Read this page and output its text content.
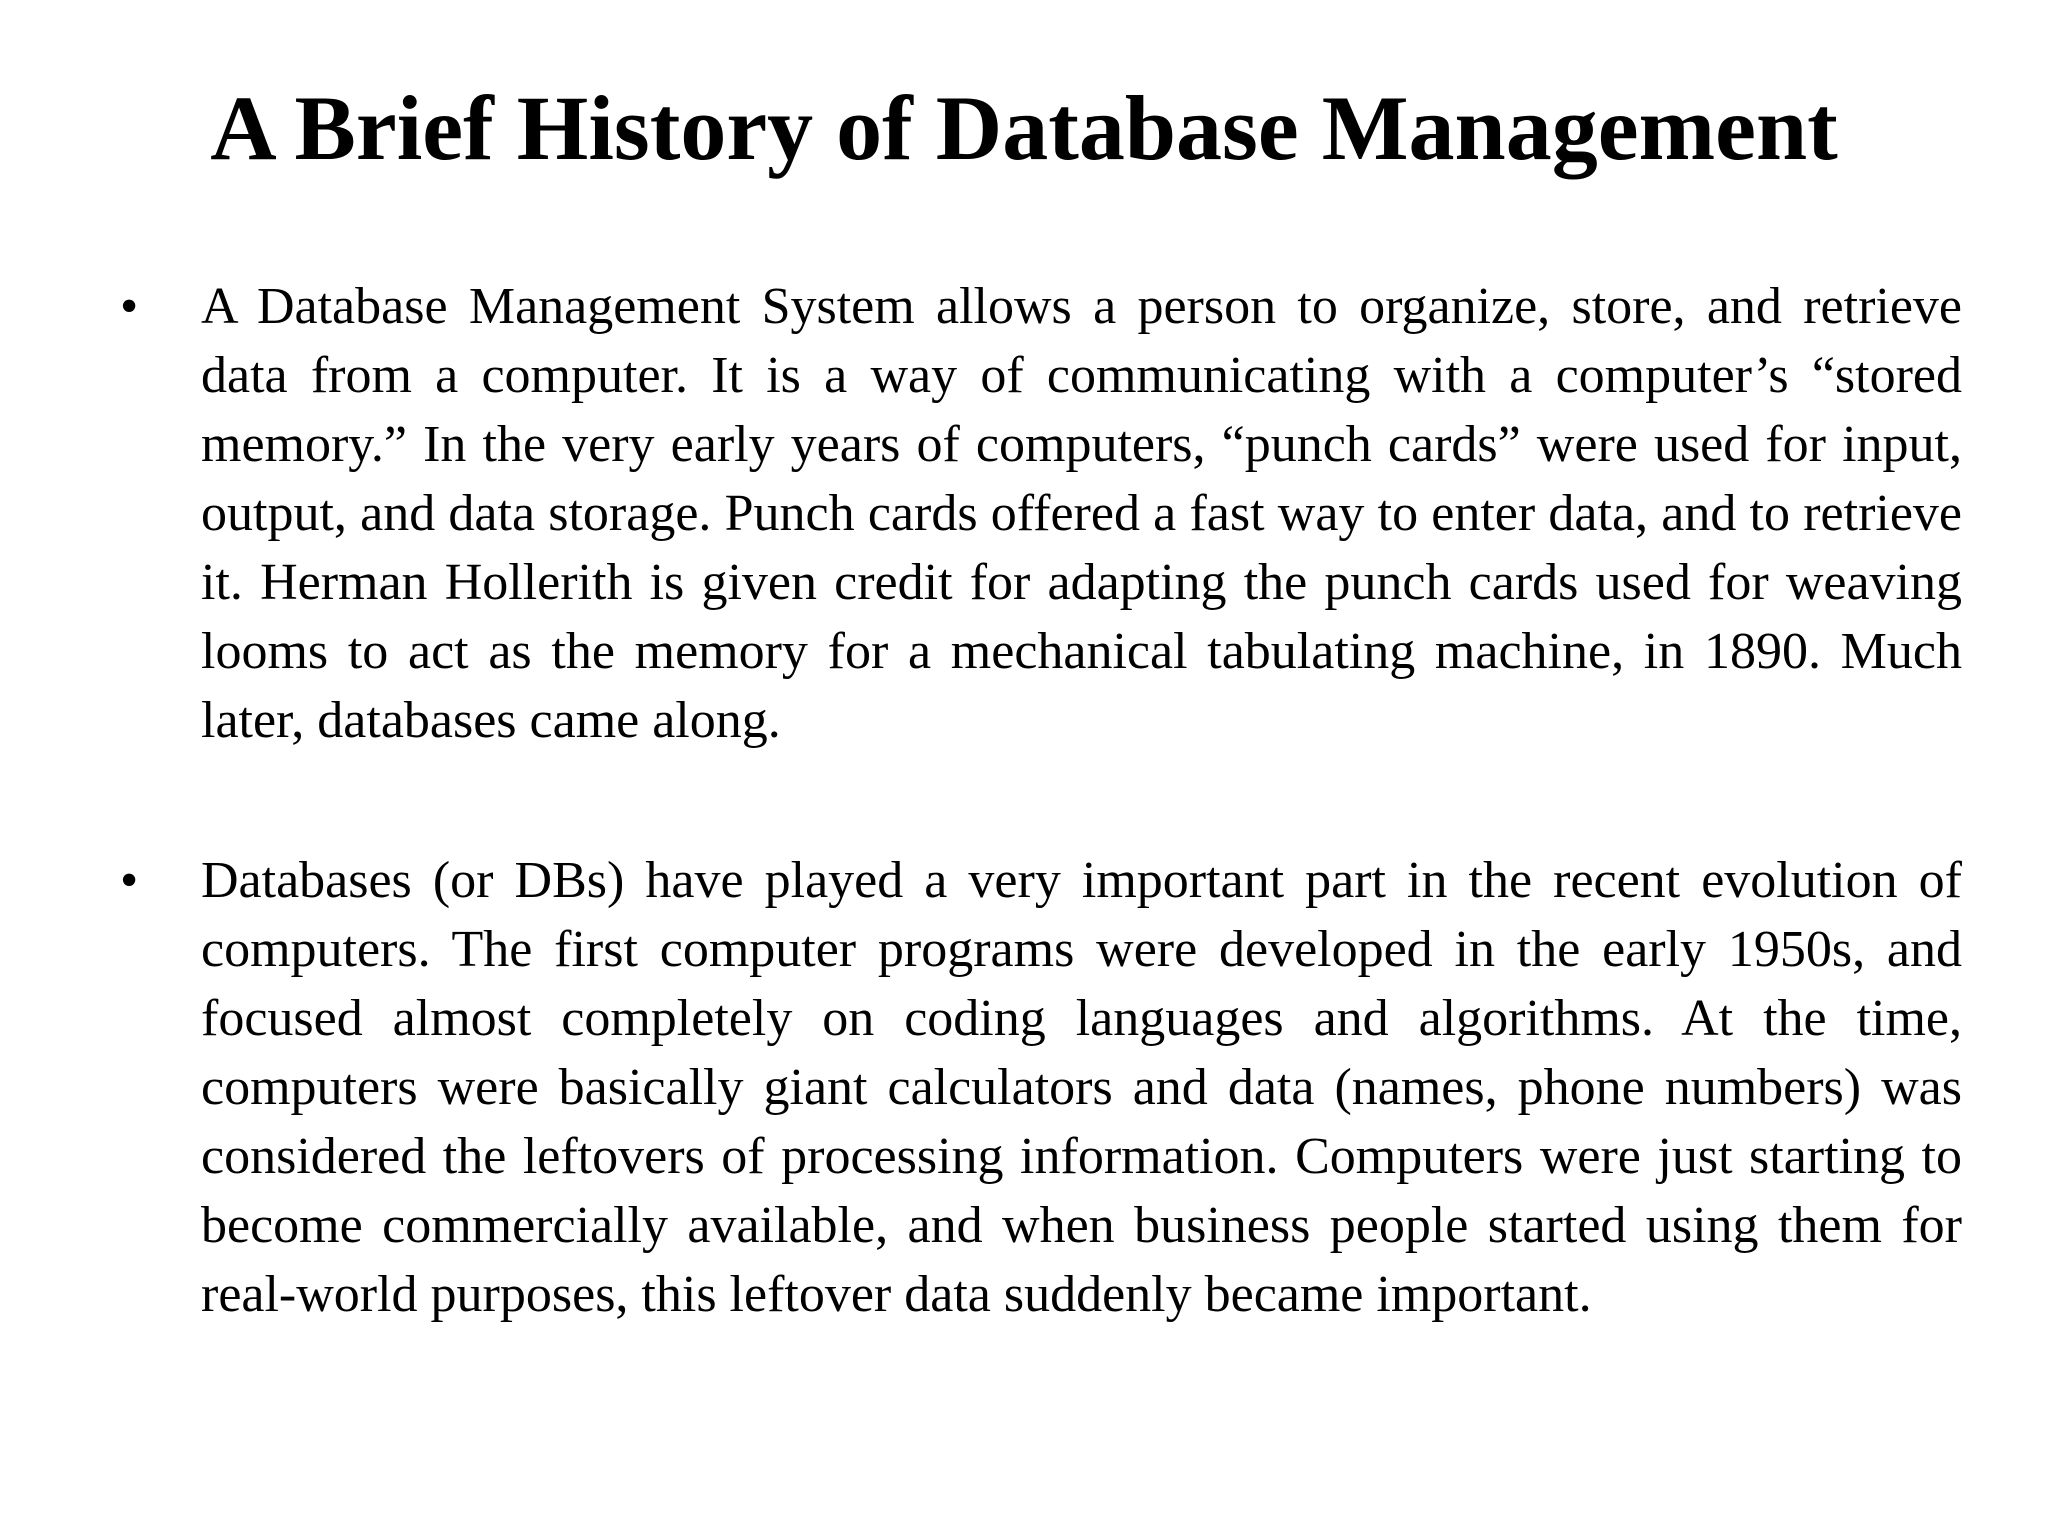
A Brief History of Database Management
• A Database Management System allows a person to organize, store, and retrieve data from a computer. It is a way of communicating with a computer’s “stored memory.” In the very early years of computers, “punch cards” were used for input, output, and data storage. Punch cards offered a fast way to enter data, and to retrieve it. Herman Hollerith is given credit for adapting the punch cards used for weaving looms to act as the memory for a mechanical tabulating machine, in 1890. Much later, databases came along.

• Databases (or DBs) have played a very important part in the recent evolution of computers. The first computer programs were developed in the early 1950s, and focused almost completely on coding languages and algorithms. At the time, computers were basically giant calculators and data (names, phone numbers) was considered the leftovers of processing information. Computers were just starting to become commercially available, and when business people started using them for real-world purposes, this leftover data suddenly became important.
